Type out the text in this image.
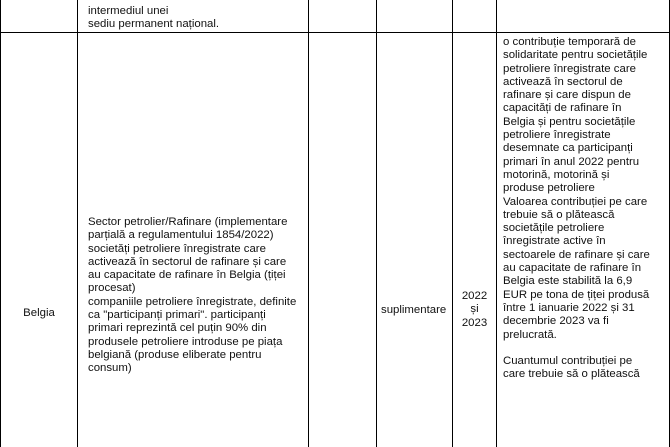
intermediul unei
sediu permanent național.
Belgia
Sector petrolier/Rafinare (implementare
parțială a regulamentului 1854/2022)
societăți petroliere înregistrate care
activează în sectorul de rafinare și care
au capacitate de rafinare în Belgia (țiței
procesat)
companiile petroliere înregistrate, definite
ca "participanți primari". participanți
primari reprezintă cel puțin 90% din
produsele petroliere introduse pe piața
belgiană (produse eliberate pentru
consum)
suplimentare
2022
și
2023
o contribuție temporară de
solidaritate pentru societățile
petroliere înregistrate care
activează în sectorul de
rafinare și care dispun de
capacități de rafinare în
Belgia și pentru societățile
petroliere înregistrate
desemnate ca participanți
primari în anul 2022 pentru
motorină, motorină și
produse petroliere
Valoarea contribuției pe care
trebuie să o plătească
societățile petroliere
înregistrate active în
sectoarele de rafinare și care
au capacitate de rafinare în
Belgia este stabilită la 6,9
EUR pe tona de țiței produsă
între 1 ianuarie 2022 și 31
decembrie 2023 va fi
prelucrată.

Cuantumul contribuției pe
care trebuie să o plătească
